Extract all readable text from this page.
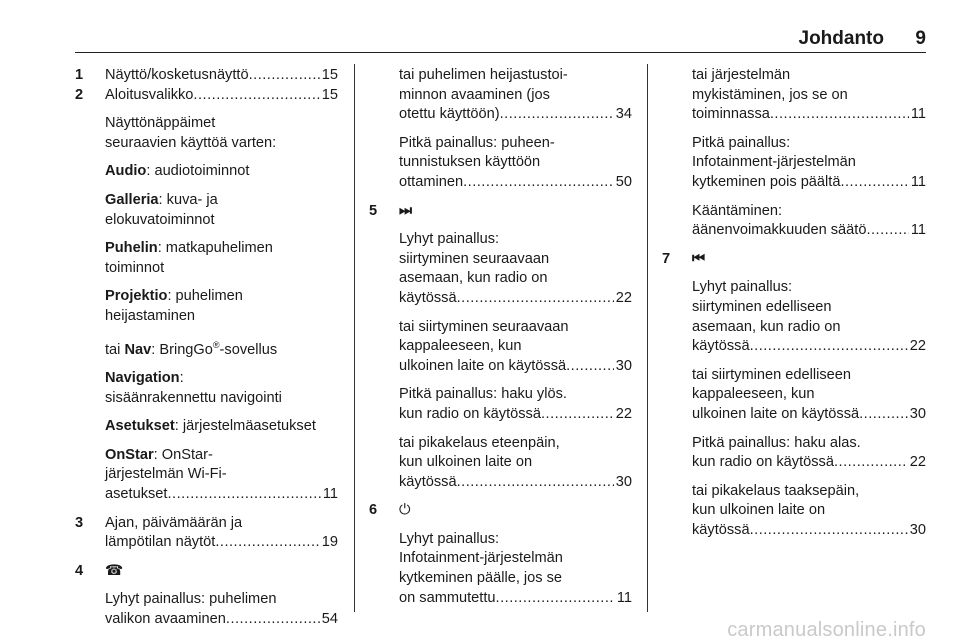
Johdanto 9
1 Näyttö/kosketusnäyttö .....	15
2 Aloitusvalikko .....	15
Näyttönäppäimet
seuraavien käyttöä varten:
Audio: audiotoiminnot
Galleria: kuva- ja
elokuvatoiminnot
Puhelin: matkapuhelimen
toiminnot
Projektio: puhelimen
heijastaminen
tai Nav: BringGo®-sovellus
Navigation:
sisäänrakennettu navigointi
Asetukset: järjestelmäasetukset
OnStar: OnStar-
järjestelmän Wi-Fi-
asetukset .....	11
3 Ajan, päivämäärän ja
lämpötilan näytöt .....	19
4	☎
Lyhyt painallus: puhelimen
valikon avaaminen .....	54
tai puhelimen heijastustoi-
minnon avaaminen (jos
otettu käyttöön) .....	34
Pitkä painallus: puheen-
tunnistuksen käyttöön
ottaminen .....	50
5	⏭
Lyhyt painallus:
siirtyminen seuraavaan
asemaan, kun radio on
käytössä .....	22
tai siirtyminen seuraavaan
kappaleeseen, kun
ulkoinen laite on käytössä .....	30
Pitkä painallus: haku ylös.
kun radio on käytössä .....	22
tai pikakelaus eteenpäin,
kun ulkoinen laite on
käytössä .....	30
6	⏻
Lyhyt painallus:
Infotainment-järjestelmän
kytkeminen päälle, jos se
on sammutettu .....	11
tai järjestelmän
mykistäminen, jos se on
toiminnassa .....	11
Pitkä painallus:
Infotainment-järjestelmän
kytkeminen pois päältä .....	11
Kääntäminen:
äänenvoimakkuuden säätö .....	11
7	⏮
Lyhyt painallus:
siirtyminen edelliseen
asemaan, kun radio on
käytössä .....	22
tai siirtyminen edelliseen
kappaleeseen, kun
ulkoinen laite on käytössä .....	30
Pitkä painallus: haku alas.
kun radio on käytössä .....	22
tai pikakelaus taaksepäin,
kun ulkoinen laite on
käytössä .....	30
carmanualsonline.info
